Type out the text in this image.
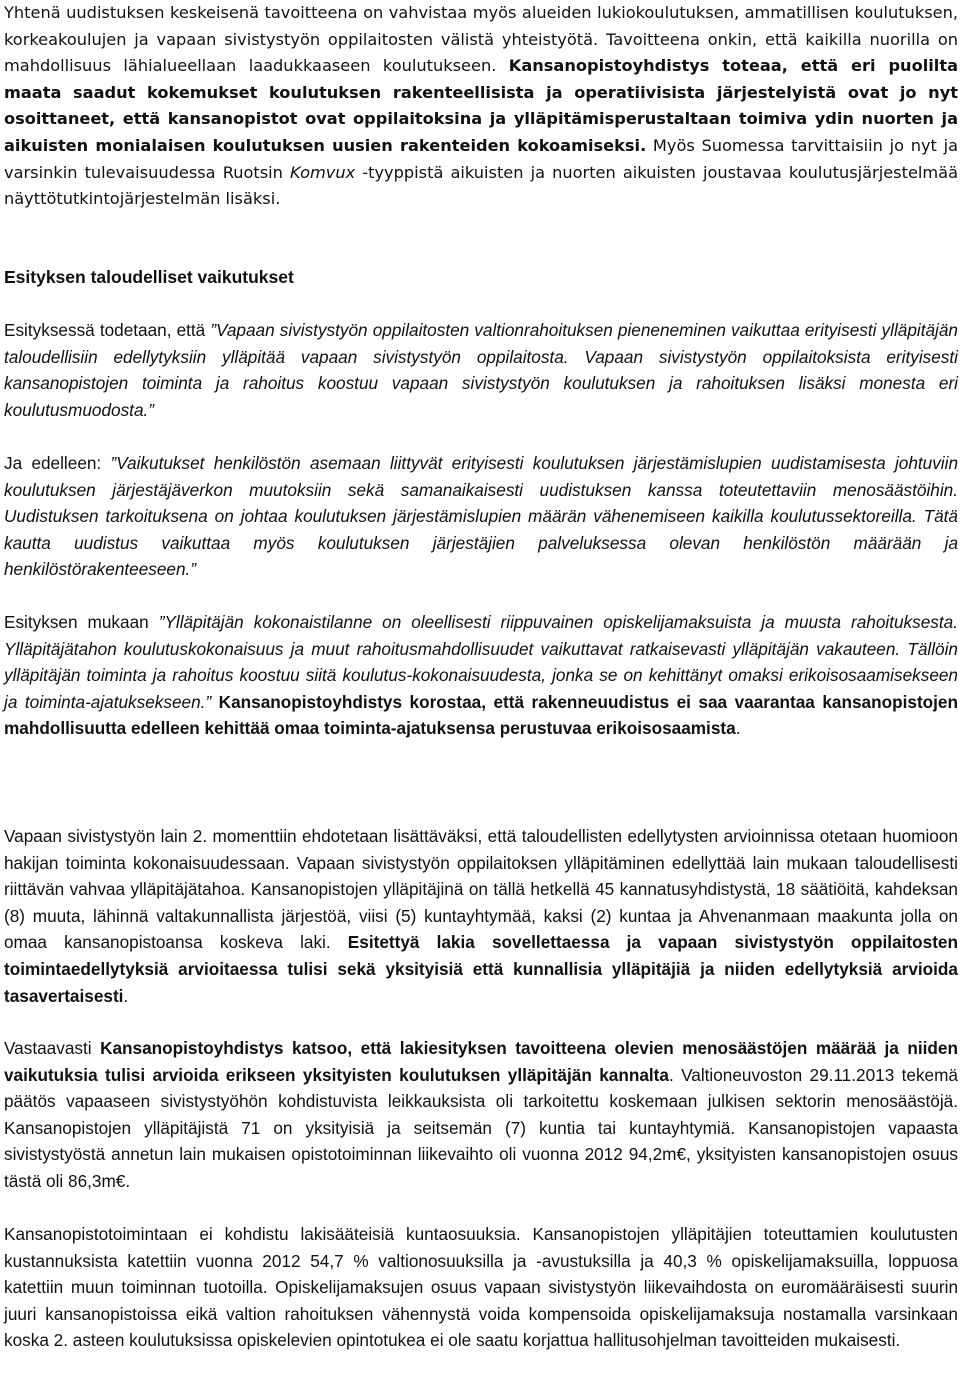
Yhtenä uudistuksen keskeisenä tavoitteena on vahvistaa myös alueiden lukiokoulutuksen, ammatillisen koulutuksen, korkeakoulujen ja vapaan sivistystyön oppilaitosten välistä yhteistyötä. Tavoitteena onkin, että kaikilla nuorilla on mahdollisuus lähialueellaan laadukkaaseen koulutukseen. Kansanopistoyhdistys toteaa, että eri puolilta maata saadut kokemukset koulutuksen rakenteellisista ja operatiivisista järjestelyistä ovat jo nyt osoittaneet, että kansanopistot ovat oppilaitoksina ja ylläpitämisperustaltaan toimiva ydin nuorten ja aikuisten monialaisen koulutuksen uusien rakenteiden kokoamiseksi. Myös Suomessa tarvittaisiin jo nyt ja varsinkin tulevaisuudessa Ruotsin Komvux -tyyppistä aikuisten ja nuorten aikuisten joustavaa koulutusjärjestelmää näyttötutkintojärjestelmän lisäksi.

Esityksen taloudelliset vaikutukset

Esityksessä todetaan, että ”Vapaan sivistystyön oppilaitosten valtionrahoituksen pieneneminen vaikuttaa erityisesti ylläpitäjän taloudellisiin edellytyksiin ylläpitää vapaan sivistystyön oppilaitosta. Vapaan sivistystyön oppilaitoksista erityisesti kansanopistojen toiminta ja rahoitus koostuu vapaan sivistystyön koulutuksen ja rahoituksen lisäksi monesta eri koulutusmuodosta.”

Ja edelleen: ”Vaikutukset henkilöstön asemaan liittyvät erityisesti koulutuksen järjestämislupien uudistamisesta johtuviin koulutuksen järjestäjäverkon muutoksiin sekä samanaikaisesti uudistuksen kanssa toteutettaviin menosäästöihin. Uudistuksen tarkoituksena on johtaa koulutuksen järjestämislupien määrän vähenemiseen kaikilla koulutussektoreilla. Tätä kautta uudistus vaikuttaa myös koulutuksen järjestäjien palveluksessa olevan henkilöstön määrään ja henkilöstörakenteeseen.”

Esityksen mukaan ”Ylläpitäjän kokonaistilanne on oleellisesti riippuvainen opiskelijamaksuista ja muusta rahoituksesta. Ylläpitäjätahon koulutuskokonaisuus ja muut rahoitusmahdollisuudet vaikuttavat ratkaisevasti ylläpitäjän vakauteen. Tällöin ylläpitäjän toiminta ja rahoitus koostuu siitä koulutus-kokonaisuudesta, jonka se on kehittänyt omaksi erikoisosaamisekseen ja toiminta-ajatuksekseen.” Kansanopistoyhdistys korostaa, että rakenneuudistus ei saa vaarantaa kansanopistojen mahdollisuutta edelleen kehittää omaa toiminta-ajatuksensa perustuvaa erikoisosaamista.

Vapaan sivistystyön lain 2. momenttiin ehdotetaan lisättäväksi, että taloudellisten edellytysten arvioinnissa otetaan huomioon hakijan toiminta kokonaisuudessaan. Vapaan sivistystyön oppilaitoksen ylläpitäminen edellyttää lain mukaan taloudellisesti riittävän vahvaa ylläpitäjätahoa. Kansanopistojen ylläpitäjinä on tällä hetkellä 45 kannatusyhdistystä, 18 säätiöitä, kahdeksan (8) muuta, lähinnä valtakunnallista järjestöä, viisi (5) kuntayhtymää, kaksi (2) kuntaa ja Ahvenanmaan maakunta jolla on omaa kansanopistoansa koskeva laki. Esitettyä lakia sovellettaessa ja vapaan sivistystyön oppilaitosten toimintaedellytyksiä arvioitaessa tulisi sekä yksityisiä että kunnallisia ylläpitäjiä ja niiden edellytyksiä arvioida tasavertaisesti.

Vastaavasti Kansanopistoyhdistys katsoo, että lakiesityksen tavoitteena olevien menosäästöjen määrää ja niiden vaikutuksia tulisi arvioida erikseen yksityisten koulutuksen ylläpitäjän kannalta. Valtioneuvoston 29.11.2013 tekemä päätös vapaaseen sivistystyöhön kohdistuvista leikkauksista oli tarkoitettu koskemaan julkisen sektorin menosäästöjä. Kansanopistojen ylläpitäjistä 71 on yksityisiä ja seitsemän (7) kuntia tai kuntayhtymiä. Kansanopistojen vapaasta sivistystyöstä annetun lain mukaisen opistotoiminnan liikevaihto oli vuonna 2012 94,2m€, yksityisten kansanopistojen osuus tästä oli 86,3m€.

Kansanopistotoimintaan ei kohdistu lakisääteisiä kuntaosuuksia. Kansanopistojen ylläpitäjien toteuttamien koulutusten kustannuksista katettiin vuonna 2012 54,7 % valtionosuuksilla ja -avustuksilla ja 40,3 % opiskelijamaksuilla, loppuosa katettiin muun toiminnan tuotoilla. Opiskelijamaksujen osuus vapaan sivistystyön liikevaihdosta on euromääräisesti suurin juuri kansanopistoissa eikä valtion rahoituksen vähennystä voida kompensoida opiskelijamaksuja nostamalla varsinkaan koska 2. asteen koulutuksissa opiskelevien opintotukea ei ole saatu korjattua hallitusohjelman tavoitteiden mukaisesti.
